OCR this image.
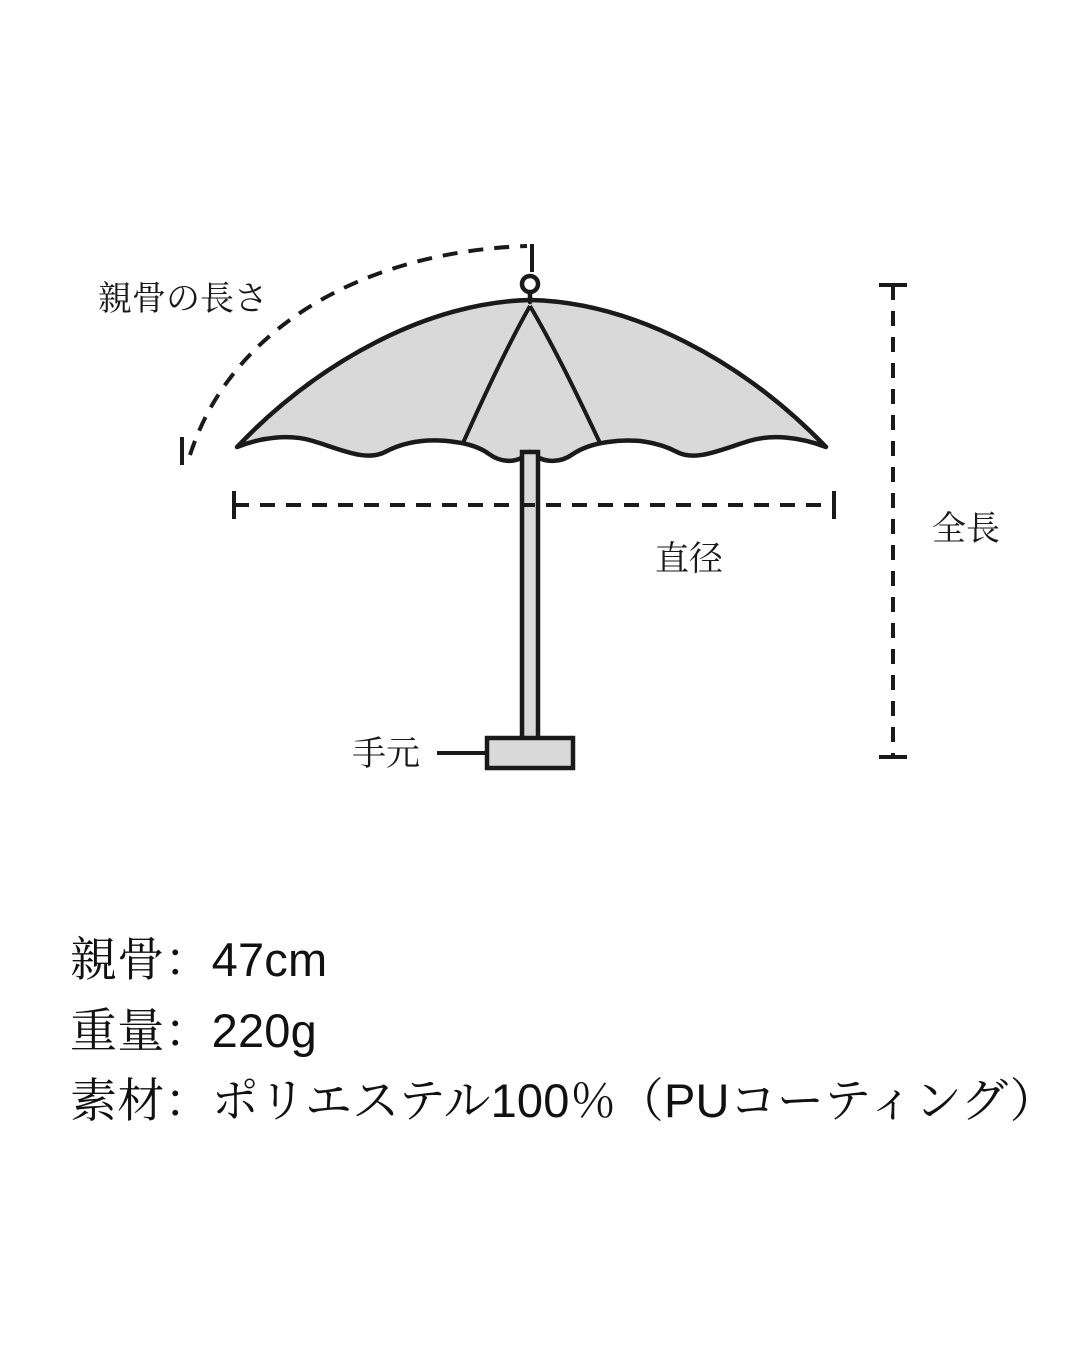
親骨の長さ
直径
手元
全長
親骨：47cm
重量：220g
素材：ポリエステル100％（PUコーティング）
